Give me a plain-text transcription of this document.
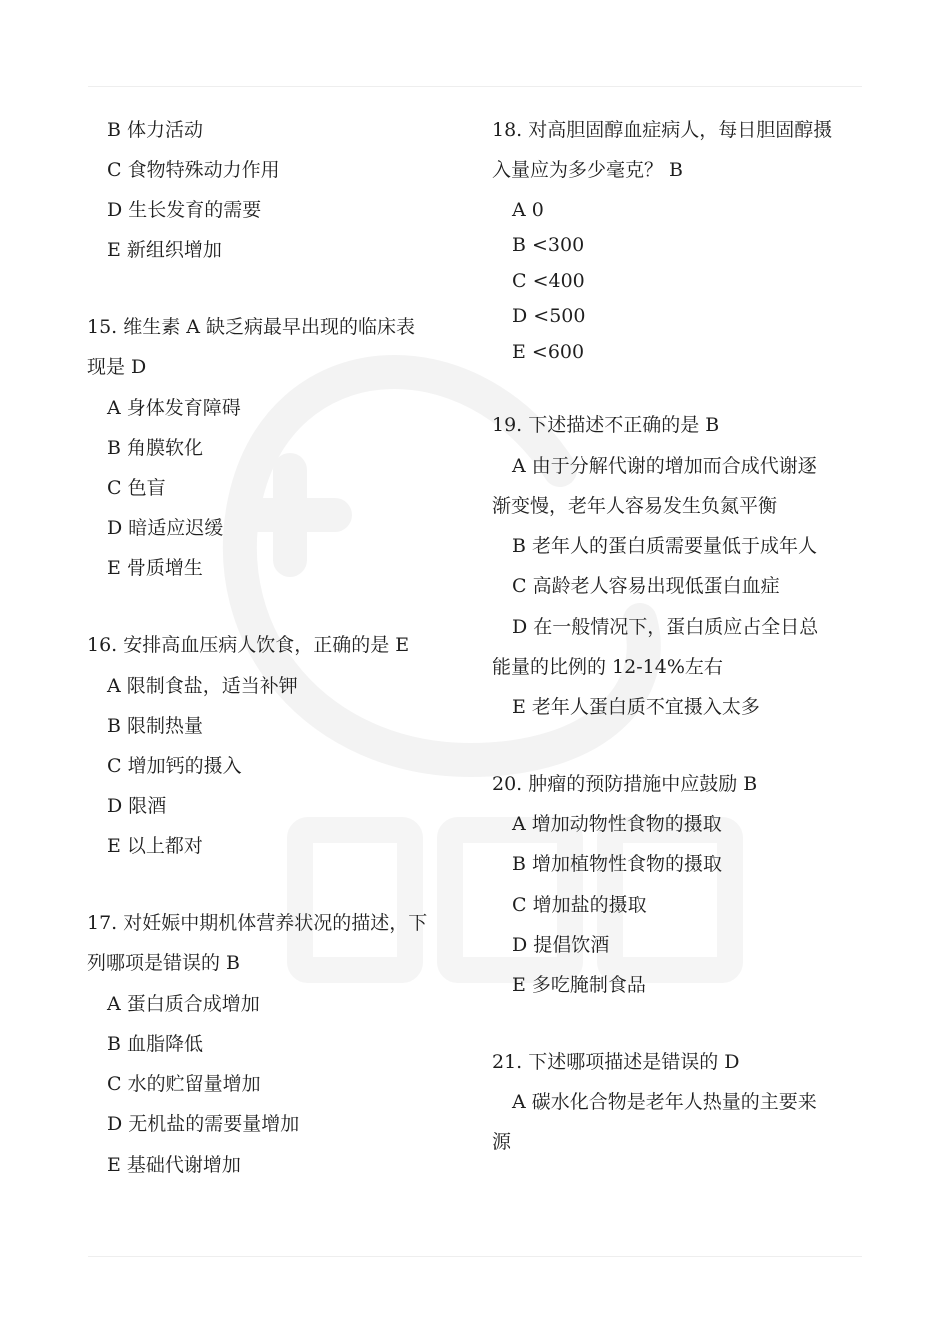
B 体力活动
C 食物特殊动力作用
D 生长发育的需要
E 新组织增加
15. 维生素 A 缺乏病最早出现的临床表
现是 D
A 身体发育障碍
B 角膜软化
C 色盲
D 暗适应迟缓
E 骨质增生
16. 安排高血压病人饮食，正确的是 E
A 限制食盐，适当补钾
B 限制热量
C 增加钙的摄入
D 限酒
E 以上都对
17. 对妊娠中期机体营养状况的描述，下
列哪项是错误的 B
A 蛋白质合成增加
B 血脂降低
C 水的贮留量增加
D 无机盐的需要量增加
E 基础代谢增加
18. 对高胆固醇血症病人，每日胆固醇摄
入量应为多少毫克？ B
A 0
B <300
C <400
D <500
E <600
19. 下述描述不正确的是 B
A 由于分解代谢的增加而合成代谢逐
渐变慢，老年人容易发生负氮平衡
B 老年人的蛋白质需要量低于成年人
C 高龄老人容易出现低蛋白血症
D 在一般情况下，蛋白质应占全日总
能量的比例的 12-14%左右
E 老年人蛋白质不宜摄入太多
20. 肿瘤的预防措施中应鼓励 B
A 增加动物性食物的摄取
B 增加植物性食物的摄取
C 增加盐的摄取
D 提倡饮酒
E 多吃腌制食品
21. 下述哪项描述是错误的 D
A 碳水化合物是老年人热量的主要来
源
